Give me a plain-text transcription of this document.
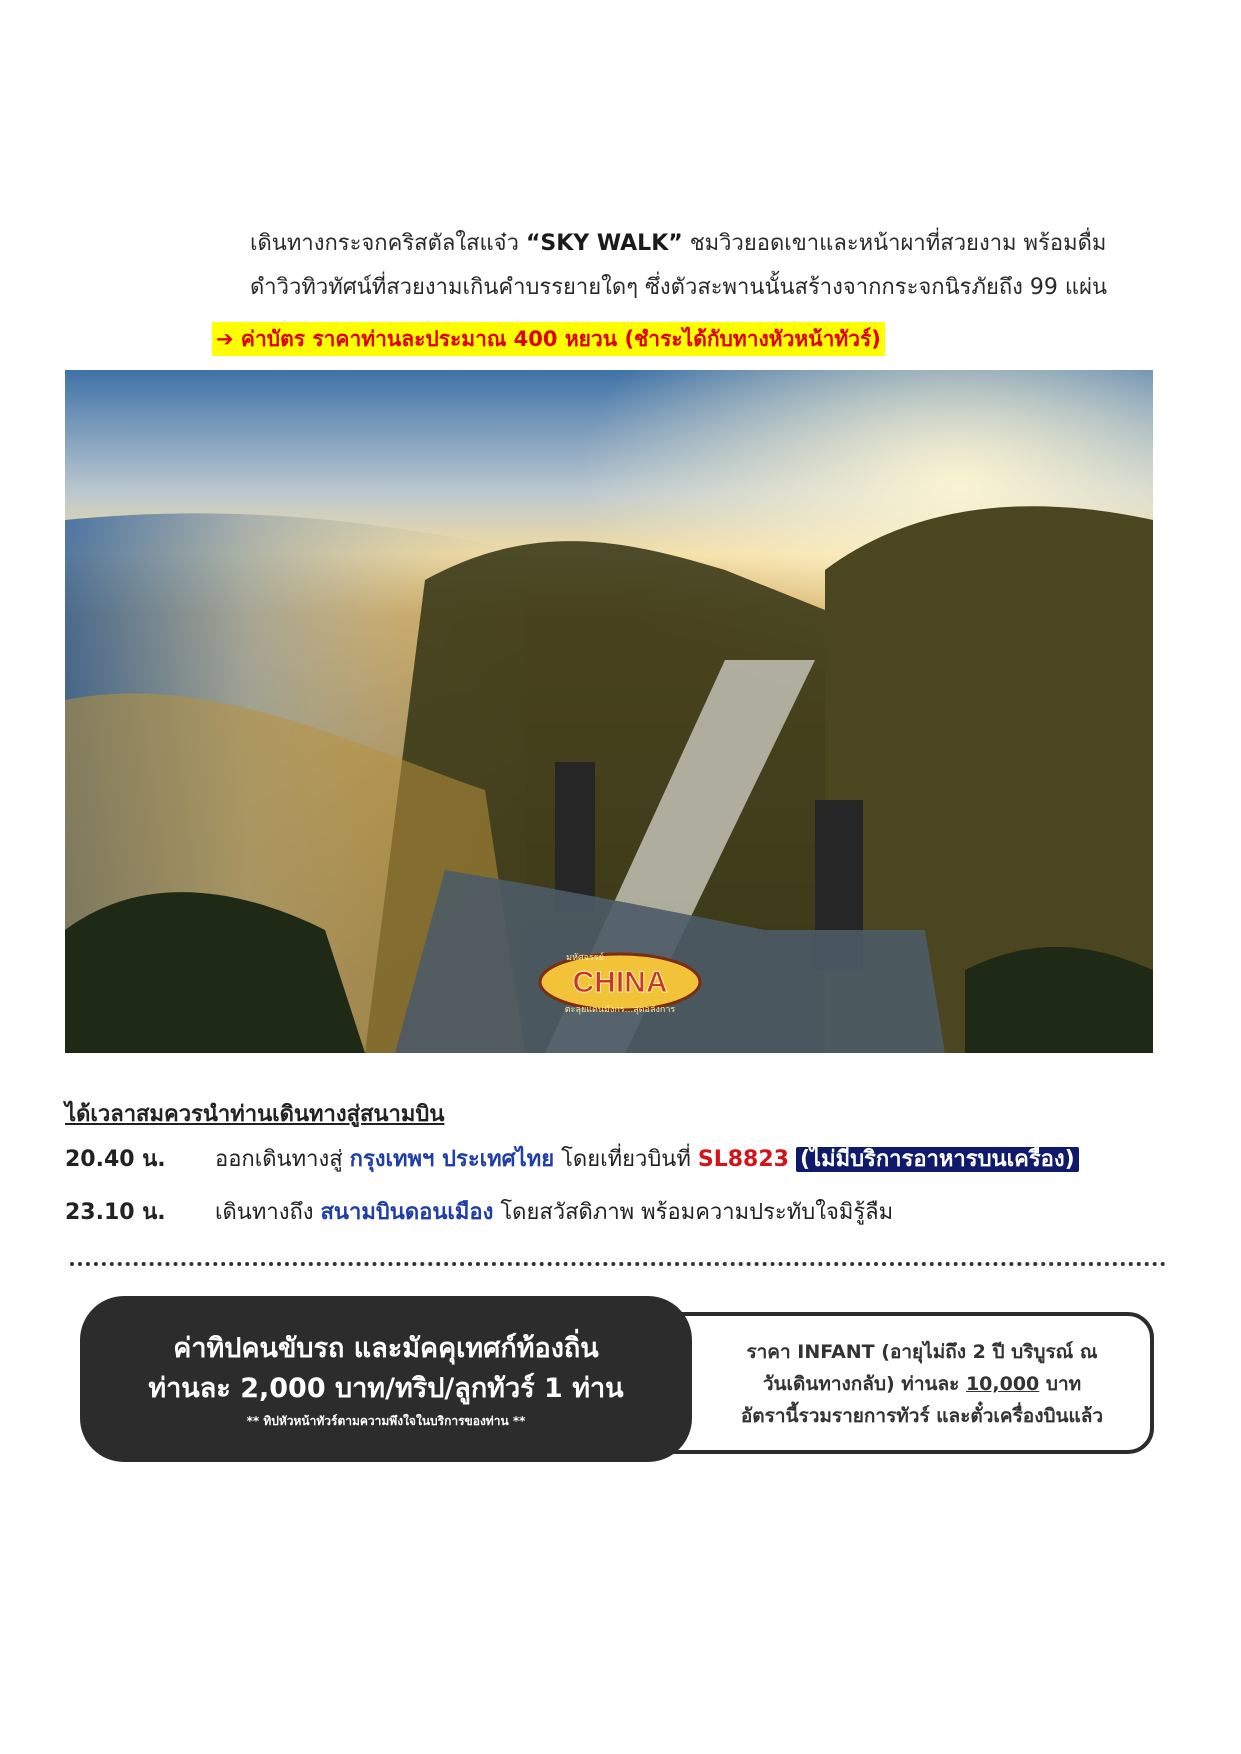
เดินทางกระจกคริสตัลใสแจ๋ว “SKY WALK” ชมวิวยอดเขาและหน้าผาที่สวยงาม พร้อมดื่ม

ดำวิวทิวทัศน์ที่สวยงามเกินคำบรรยายใดๆ ซึ่งตัวสะพานนั้นสร้างจากกระจกนิรภัยถึง 99 แผ่น

➔ ค่าบัตร ราคาท่านละประมาณ 400 หยวน (ชำระได้กับทางหัวหน้าทัวร์)
CHINA
มหัศจรรย์
ตะลุยแดนมังกร...สุดอลังการ
ได้เวลาสมควรนำท่านเดินทางสู่สนามบิน
20.40 น. ออกเดินทางสู่ กรุงเทพฯ ประเทศไทย โดยเที่ยวบินที่ SL8823 (ไม่มีบริการอาหารบนเครื่อง)
23.10 น. เดินทางถึง สนามบินดอนเมือง โดยสวัสดิภาพ พร้อมความประทับใจมิรู้ลืม
ค่าทิปคนขับรถ และมัคคุเทศก์ท้องถิ่น
ท่านละ 2,000 บาท/ทริป/ลูกทัวร์ 1 ท่าน
** ทิปหัวหน้าทัวร์ตามความพึงใจในบริการของท่าน **
ราคา INFANT (อายุไม่ถึง 2 ปี บริบูรณ์ ณ
วันเดินทางกลับ) ท่านละ 10,000 บาท
อัตรานี้รวมรายการทัวร์ และตั๋วเครื่องบินแล้ว
